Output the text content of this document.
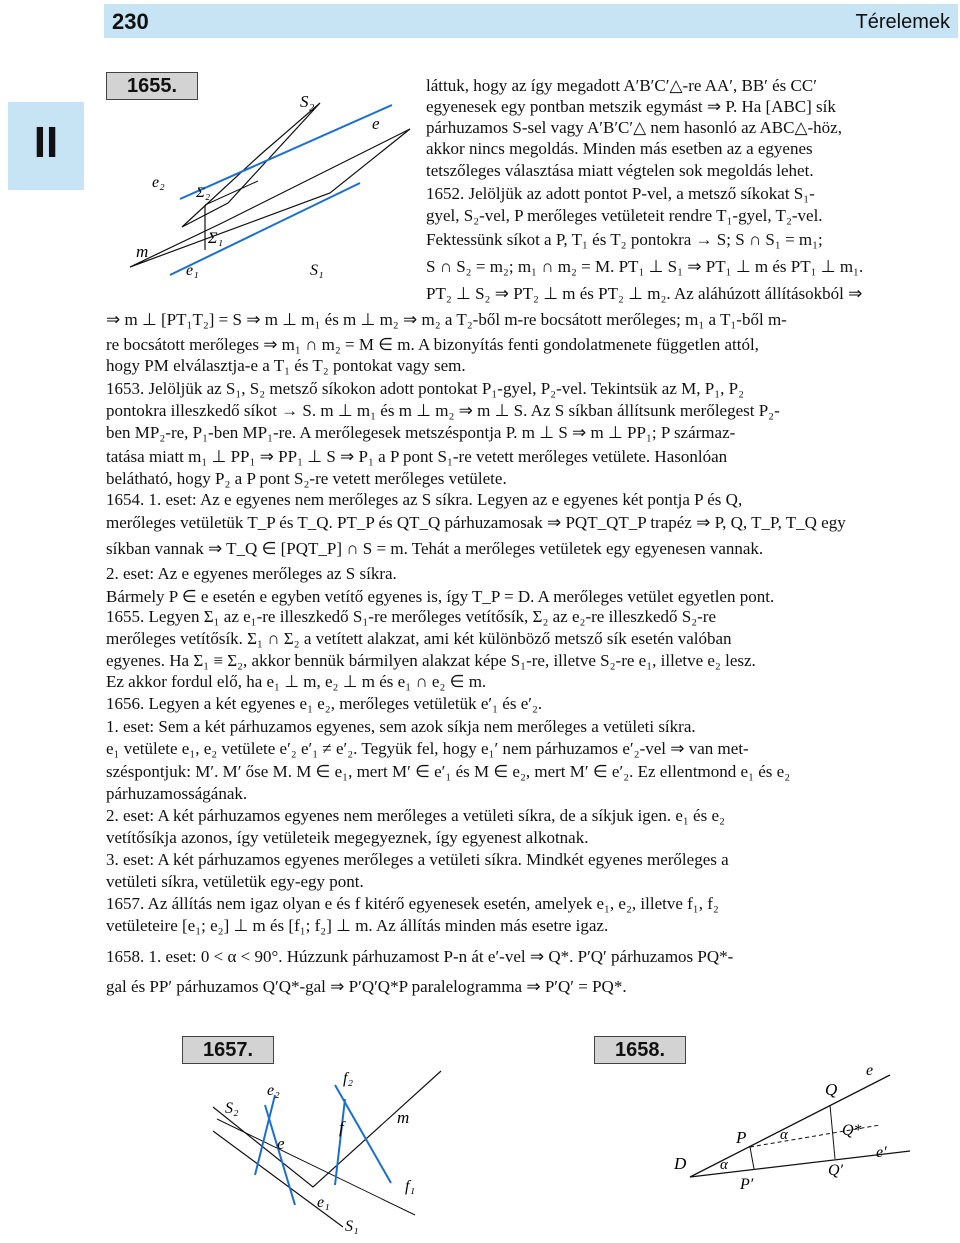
230	Térelemek
II
1655.
S₂
e
e₂
Σ₂
Σ₁
m
e₁	S₁
láttuk, hogy az így megadott A′B′C′△-re AA′, BB′ és CC′
egyenesek egy pontban metszik egymást ⇒ P. Ha [ABC] sík
párhuzamos S-sel vagy A′B′C′△ nem hasonló az ABC△-höz,
akkor nincs megoldás. Minden más esetben az a egyenes
tetszőleges választása miatt végtelen sok megoldás lehet.
1652. Jelöljük az adott pontot P-vel, a metsző síkokat S₁-
gyel, S₂-vel, P merőleges vetületeit rendre T₁-gyel, T₂-vel.
Fektessünk síkot a P, T₁ és T₂ pontokra → S; S ∩ S₁ = m₁;
S ∩ S₂ = m₂; m₁ ∩ m₂ = M. PT₁ ⊥ S₁ ⇒ PT₁ ⊥ m és PT₁ ⊥ m₁.
PT₂ ⊥ S₂ ⇒ PT₂ ⊥ m és PT₂ ⊥ m₂. Az aláhúzott állításokból ⇒
⇒ m ⊥ [PT₁T₂] = S ⇒ m ⊥ m₁ és m ⊥ m₂ ⇒ m₂ a T₂-ből m-re bocsátott merőleges; m₁ a T₁-ből m-
re bocsátott merőleges ⇒ m₁ ∩ m₂ = M ∈ m. A bizonyítás fenti gondolatmenete független attól,
hogy PM elválasztja-e a T₁ és T₂ pontokat vagy sem.
1653. Jelöljük az S₁, S₂ metsző síkokon adott pontokat P₁-gyel, P₂-vel. Tekintsük az M, P₁, P₂
pontokra illeszkedő síkot → S. m ⊥ m₁ és m ⊥ m₂ ⇒ m ⊥ S. Az S síkban állítsunk merőlegest P₂-
ben MP₂-re, P₁-ben MP₁-re. A merőlegesek metszéspontja P. m ⊥ S ⇒ m ⊥ PP₁; P származ-
tatása miatt m₁ ⊥ PP₁ ⇒ PP₁ ⊥ S ⇒ P₁ a P pont S₁-re vetett merőleges vetülete. Hasonlóan
belátható, hogy P₂ a P pont S₂-re vetett merőleges vetülete.
1654. 1. eset: Az e egyenes nem merőleges az S síkra. Legyen az e egyenes két pontja P és Q,
merőleges vetületük T_P és T_Q. PT_P és QT_Q párhuzamosak ⇒ PQT_QT_P trapéz ⇒ P, Q, T_P, T_Q egy
síkban vannak ⇒ T_Q ∈ [PQT_P] ∩ S = m. Tehát a merőleges vetületek egy egyenesen vannak.
2. eset: Az e egyenes merőleges az S síkra.
Bármely P ∈ e esetén e egyben vetítő egyenes is, így T_P = D. A merőleges vetület egyetlen pont.
1655. Legyen Σ₁ az e₁-re illeszkedő S₁-re merőleges vetítősík, Σ₂ az e₂-re illeszkedő S₂-re
merőleges vetítősík. Σ₁ ∩ Σ₂ a vetített alakzat, ami két különböző metsző sík esetén valóban
egyenes. Ha Σ₁ ≡ Σ₂, akkor bennük bármilyen alakzat képe S₁-re, illetve S₂-re e₁, illetve e₂ lesz.
Ez akkor fordul elő, ha e₁ ⊥ m, e₂ ⊥ m és e₁ ∩ e₂ ∈ m.
1656. Legyen a két egyenes e₁ e₂, merőleges vetületük e′₁ és e′₂.
1. eset: Sem a két párhuzamos egyenes, sem azok síkja nem merőleges a vetületi síkra.
e₁ vetülete e₁, e₂ vetülete e′₂ e′₁ ≠ e′₂. Tegyük fel, hogy e₁′ nem párhuzamos e′₂-vel ⇒ van met-
széspontjuk: M′. M′ őse M. M ∈ e₁, mert M′ ∈ e′₁ és M ∈ e₂, mert M′ ∈ e′₂. Ez ellentmond e₁ és e₂
párhuzamosságának.
2. eset: A két párhuzamos egyenes nem merőleges a vetületi síkra, de a síkjuk igen. e₁ és e₂
vetítősíkja azonos, így vetületeik megegyeznek, így egyenest alkotnak.
3. eset: A két párhuzamos egyenes merőleges a vetületi síkra. Mindkét egyenes merőleges a
vetületi síkra, vetületük egy-egy pont.
1657. Az állítás nem igaz olyan e és f kitérő egyenesek esetén, amelyek e₁, e₂, illetve f₁, f₂
vetületeire [e₁; e₂] ⊥ m és [f₁; f₂] ⊥ m. Az állítás minden más esetre igaz.
1658. 1. eset: 0 < α < 90°. Húzzunk párhuzamost P-n át e′-vel ⇒ Q*. P′Q′ párhuzamos PQ*-
gal és PP′ párhuzamos Q′Q*-gal ⇒ P′Q′Q*P paralelogramma ⇒ P′Q′ = PQ*.
1657.	1658.
f₂
S₂
e₂
e
f
m
e₁
f₁
S₁
Q
e
P α	Q*
D α
P′
Q′
e′
